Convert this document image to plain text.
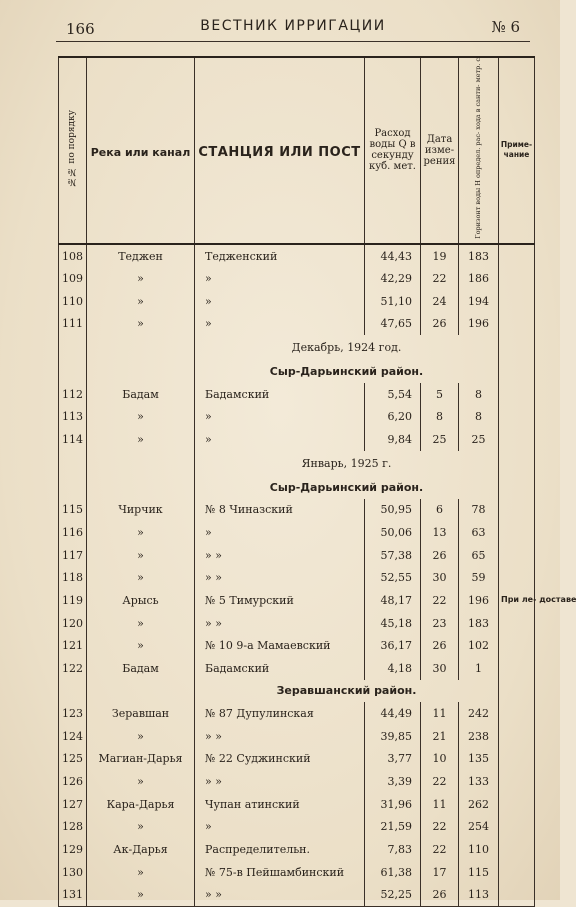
166	ВЕСТНИК ИРРИГАЦИИ	№ 6
№№ по порядку	Река или канал	СТАНЦИЯ ИЛИ ПОСТ	Расход воды Q в секунду куб. мет.	Дата изме- рения	Горизонт воды Н определ. рас- хода в санти- метр. с	Приме- чание

108	Теджен	Тедженский	44,43	19	183	
109	»	»	42,29	22	186	
110	»	»	51,10	24	194	
111	»	»	47,65	26	196	
		Декабрь, 1924 год.				
		Сыр-Дарьинский район.				
112	Бадам	Бадамский	5,54	5	8	
113	»	»	6,20	8	8	
114	»	»	9,84	25	25	
		Январь, 1925 г.				
		Сыр-Дарьинский район.				
115	Чирчик	№ 8 Чиназский	50,95	6	78	
116	»	»	50,06	13	63	
117	»	» »	57,38	26	65	
118	»	» »	52,55	30	59	
119	Арысь	№ 5 Тимурский	48,17	22	196	При ле- доставе
120	»	» »	45,18	23	183	
121	»	№ 10 9-а Мамаевский	36,17	26	102	
122	Бадам	Бадамский	4,18	30	1	
		Зеравшанский район.				
123	Зеравшан	№ 87 Дупулинская	44,49	11	242	
124	»	» »	39,85	21	238	
125	Магиан-Дарья	№ 22 Суджинский	3,77	10	135	
126	»	» »	3,39	22	133	
127	Кара-Дарья	Чупан атинский	31,96	11	262	
128	»	»	21,59	22	254	
129	Ак-Дарья	Распределительн.	7,83	22	110	
130	»	№ 75-в Пейшамбинский	61,38	17	115	
131	»	» »	52,25	26	113	
